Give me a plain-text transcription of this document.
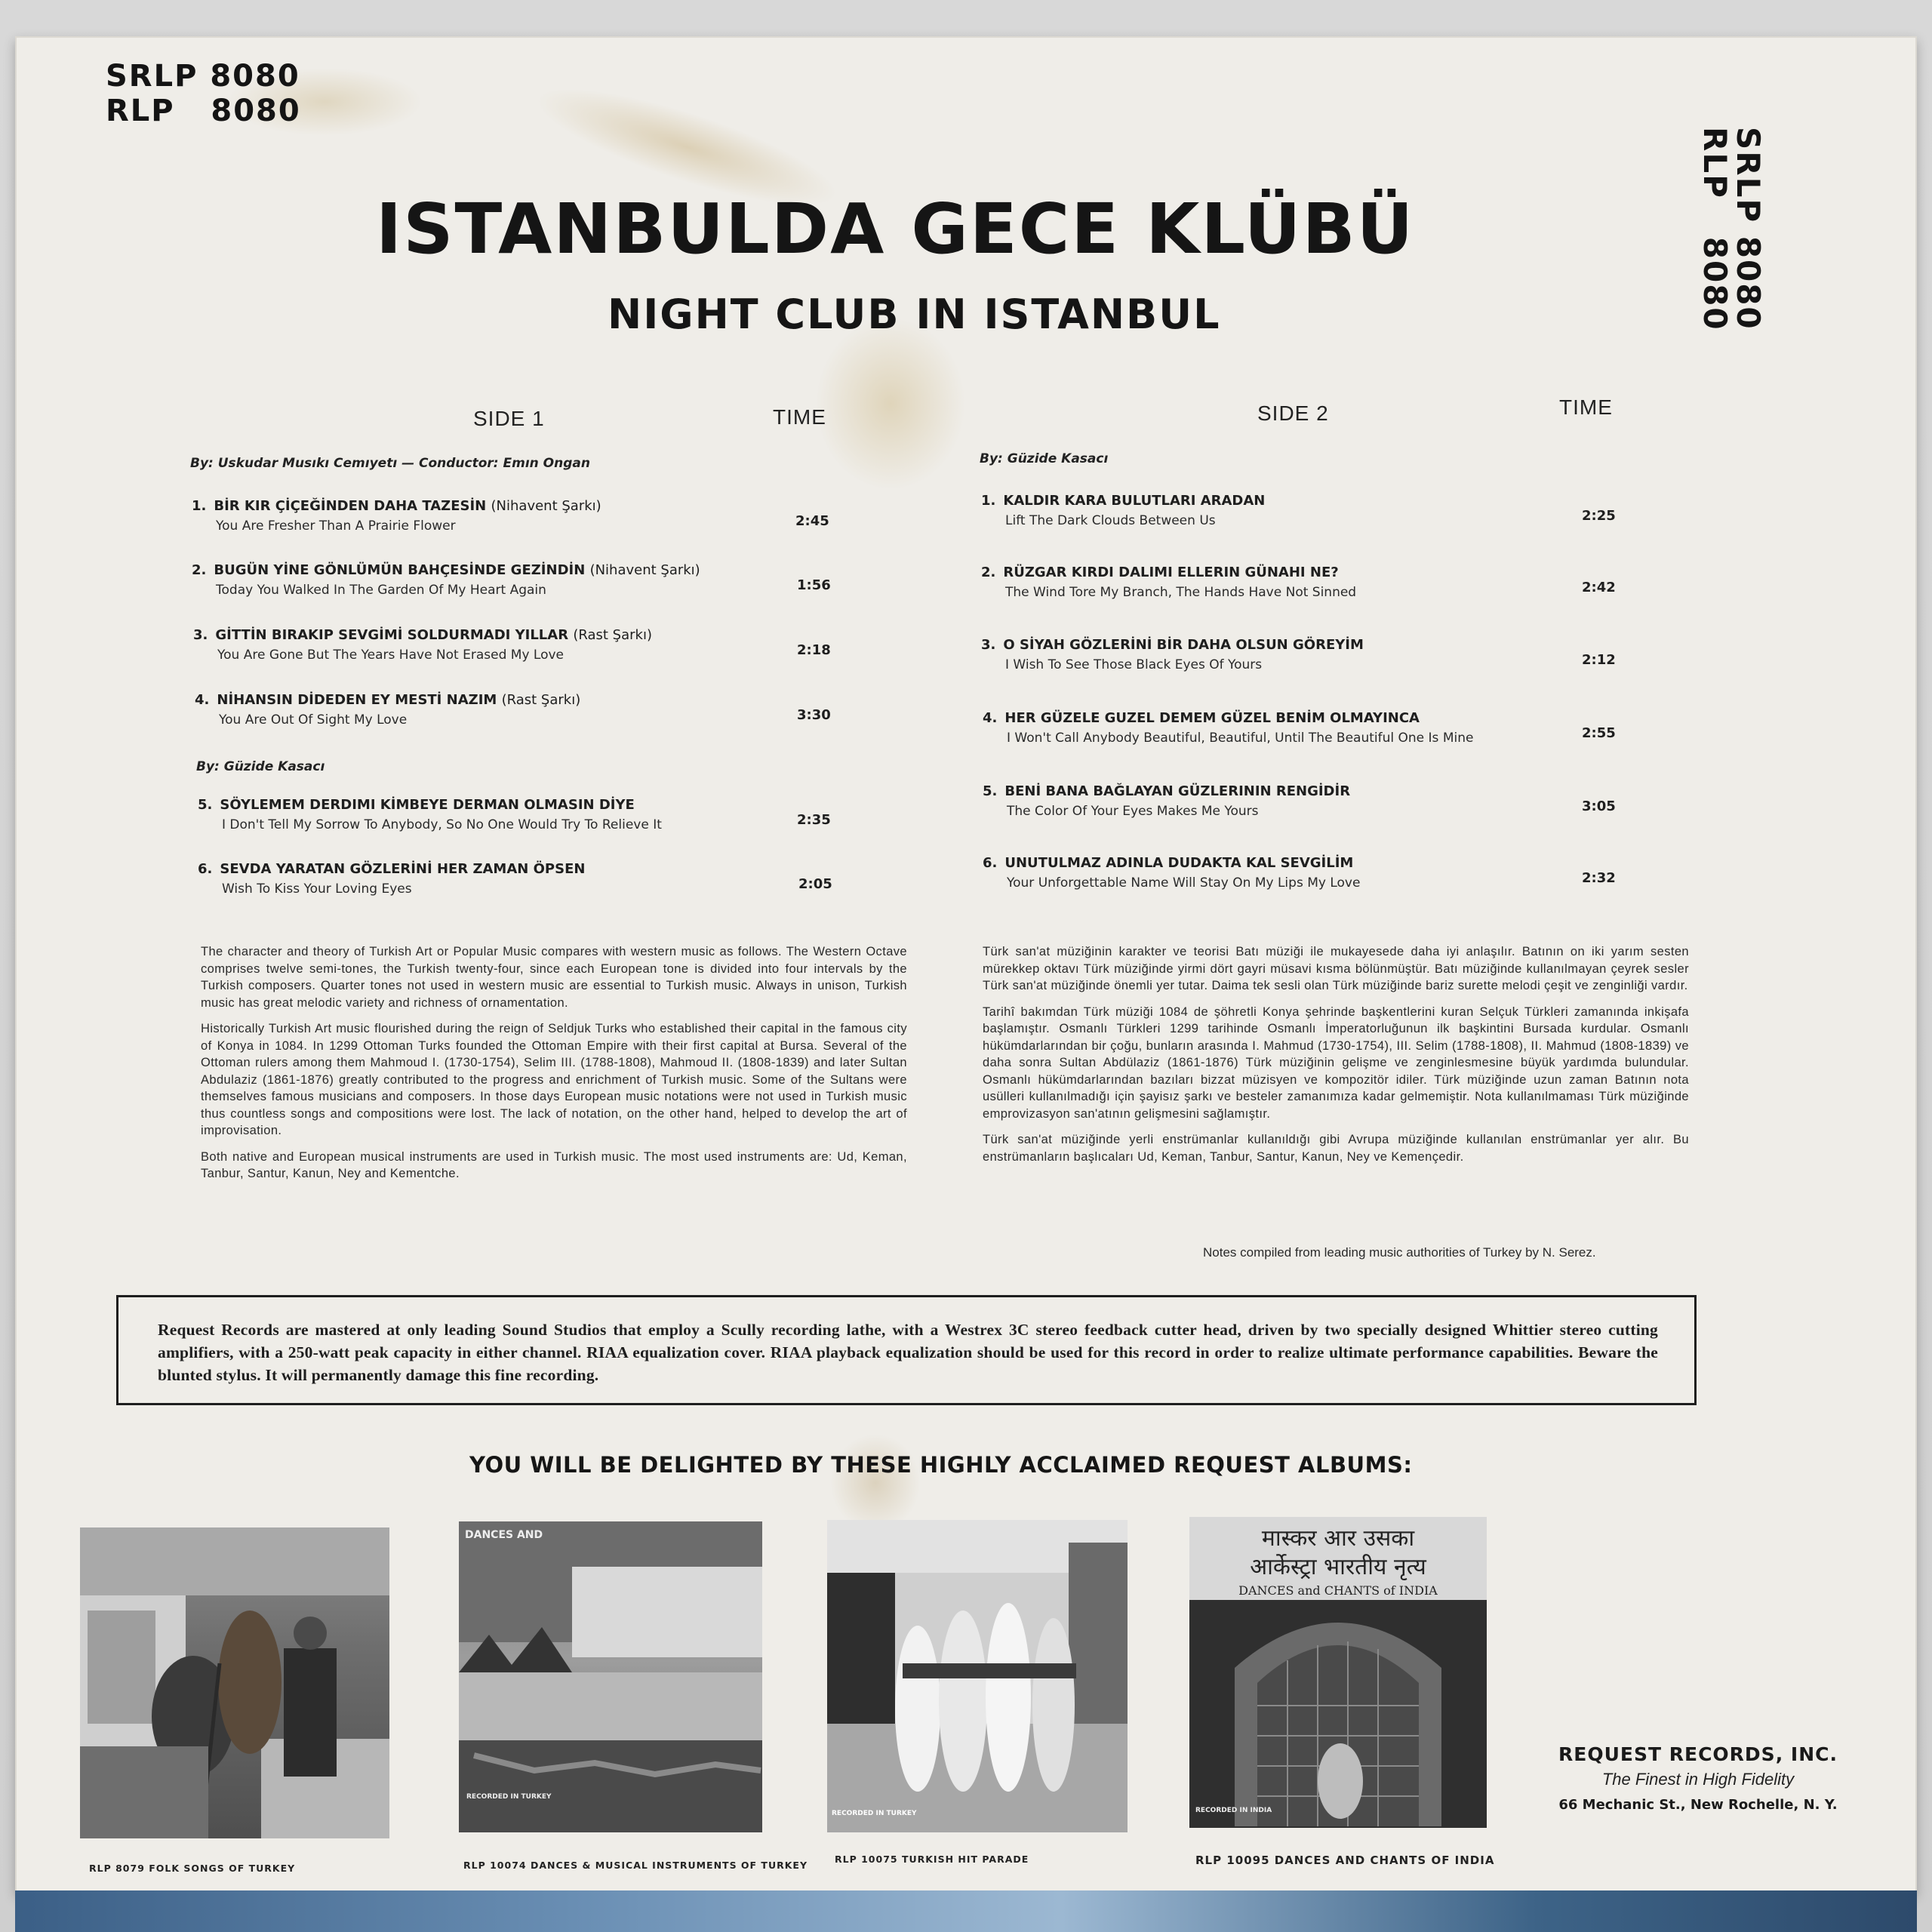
SRLP 8080
RLP   8080
SRLP 8080
RLP   8080
ISTANBULDA GECE KLÜBÜ
NIGHT CLUB IN ISTANBUL
SIDE 1	TIME
By: Uskudar Musıkı Cemıyetı — Conductor: Emın Ongan
1. BİR KIR ÇİÇEĞİNDEN DAHA TAZESİN (Nihavent Şarkı)
You Are Fresher Than A Prairie Flower	2:45
2. BUGÜN YİNE GÖNLÜMÜN BAHÇESİNDE GEZİNDİN (Nihavent Şarkı)
Today You Walked In The Garden Of My Heart Again	1:56
3. GİTTİN BIRAKIP SEVGİMİ SOLDURMADI YILLAR (Rast Şarkı)
You Are Gone But The Years Have Not Erased My Love	2:18
4. NİHANSIN DİDEDEN EY MESTİ NAZIM (Rast Şarkı)
You Are Out Of Sight My Love	3:30
By: Güzide Kasacı
5. SÖYLEMEM DERDIMI KİMBEYE DERMAN OLMASIN DİYE
I Don't Tell My Sorrow To Anybody, So No One Would Try To Relieve It	2:35
6. SEVDA YARATAN GÖZLERİNİ HER ZAMAN ÖPSEN
Wish To Kiss Your Loving Eyes	2:05
SIDE 2	TIME
By: Güzide Kasacı
1. KALDIR KARA BULUTLARI ARADAN
Lift The Dark Clouds Between Us	2:25
2. RÜZGAR KIRDI DALIMI ELLERIN GÜNAHI NE?
The Wind Tore My Branch, The Hands Have Not Sinned	2:42
3. O SİYAH GÖZLERİNİ BİR DAHA OLSUN GÖREYİM
I Wish To See Those Black Eyes Of Yours	2:12
4. HER GÜZELE GUZEL DEMEM GÜZEL BENİM OLMAYINCA
I Won't Call Anybody Beautiful, Beautiful, Until The Beautiful One Is Mine	2:55
5. BENİ BANA BAĞLAYAN GÜZLERININ RENGİDİR
The Color Of Your Eyes Makes Me Yours	3:05
6. UNUTULMAZ ADINLA DUDAKTA KAL SEVGİLİM
Your Unforgettable Name Will Stay On My Lips My Love	2:32

The character and theory of Turkish Art or Popular Music compares with western music as follows. The Western Octave comprises twelve semi-tones, the Turkish twenty-four, since each European tone is divided into four intervals by the Turkish composers. Quarter tones not used in western music are essential to Turkish music. Always in unison, Turkish music has great melodic variety and richness of ornamentation.

Historically Turkish Art music flourished during the reign of Seldjuk Turks who established their capital in the famous city of Konya in 1084. In 1299 Ottoman Turks founded the Ottoman Empire with their first capital at Bursa. Several of the Ottoman rulers among them Mahmoud I. (1730-1754), Selim III. (1788-1808), Mahmoud II. (1808-1839) and later Sultan Abdulaziz (1861-1876) greatly contributed to the progress and enrichment of Turkish music. Some of the Sultans were themselves famous musicians and composers. In those days European music notations were not used in Turkish music thus countless songs and compositions were lost. The lack of notation, on the other hand, helped to develop the art of improvisation.

Both native and European musical instruments are used in Turkish music. The most used instruments are: Ud, Keman, Tanbur, Santur, Kanun, Ney and Kementche.

Türk san'at müziğinin karakter ve teorisi Batı müziği ile mukayesede daha iyi anlaşılır. Batının on iki yarım sesten mürekkep oktavı Türk müziğinde yirmi dört gayri müsavi kısma bölünmüştür. Batı müziğinde kullanılmayan çeyrek sesler Türk san'at müziğinde önemli yer tutar. Daima tek sesli olan Türk müziğinde bariz surette melodi çeşit ve zenginliği vardır.

Tarihî bakımdan Türk müziği 1084 de şöhretli Konya şehrinde başkentlerini kuran Selçuk Türkleri zamanında inkişafa başlamıştır. Osmanlı Türkleri 1299 tarihinde Osmanlı İmperatorluğunun ilk başkintini Bursada kurdular. Osmanlı hükümdarlarından bir çoğu, bunların arasında I. Mahmud (1730-1754), III. Selim (1788-1808), II. Mahmud (1808-1839) ve daha sonra Sultan Abdülaziz (1861-1876) Türk müziğinin gelişme ve zenginlesmesine büyük yardımda bulundular. Osmanlı hükümdarlarından bazıları bizzat müzisyen ve kompozitör idiler. Türk müziğinde uzun zaman Batının nota usülleri kullanılmadığı için şayisız şarkı ve besteler zamanımıza kadar gelmemiştir. Nota kullanılmaması Türk müziğinde emprovizasyon san'atının gelişmesini sağlamıştır.

Türk san'at müziğinde yerli enstrümanlar kullanıldığı gibi Avrupa müziğinde kullanılan enstrümanlar yer alır. Bu enstrümanların başlıcaları Ud, Keman, Tanbur, Santur, Kanun, Ney ve Kemençedir.

Notes compiled from leading music authorities of Turkey by N. Serez.
Request Records are mastered at only leading Sound Studios that employ a Scully recording lathe, with a Westrex 3C stereo feedback cutter head, driven by two specially designed Whittier stereo cutting amplifiers, with a 250-watt peak capacity in either channel. RIAA equalization cover. RIAA playback equalization should be used for this record in order to realize ultimate performance capabilities. Beware the blunted stylus. It will permanently damage this fine recording.
YOU WILL BE DELIGHTED BY THESE HIGHLY ACCLAIMED REQUEST ALBUMS:
RLP 8079 FOLK SONGS OF TURKEY
DANCES AND
RECORDED IN TURKEY
RLP 10074 DANCES & MUSICAL INSTRUMENTS OF TURKEY
RECORDED IN TURKEY
RLP 10075 TURKISH HIT PARADE
मास्कर आर उसका
आर्केस्ट्रा भारतीय नृत्य
DANCES and CHANTS of INDIA
RECORDED IN INDIA
RLP 10095 DANCES AND CHANTS OF INDIA
REQUEST RECORDS, INC.
The Finest in High Fidelity
66 Mechanic St., New Rochelle, N. Y.
